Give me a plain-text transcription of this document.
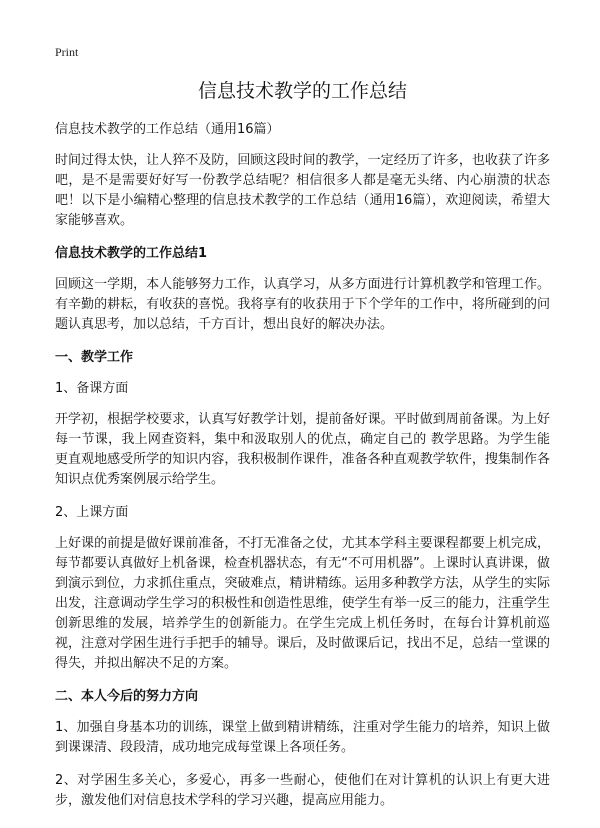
Print
信息技术教学的工作总结

信息技术教学的工作总结（通用16篇）

时间过得太快，让人猝不及防，回顾这段时间的教学，一定经历了许多，也收获了许多吧，是不是需要好好写一份教学总结呢？相信很多人都是毫无头绪、内心崩溃的状态吧！以下是小编精心整理的信息技术教学的工作总结（通用16篇），欢迎阅读，希望大家能够喜欢。

信息技术教学的工作总结1

回顾这一学期，本人能够努力工作，认真学习，从多方面进行计算机教学和管理工作。有辛勤的耕耘，有收获的喜悦。我将享有的收获用于下个学年的工作中，将所碰到的问题认真思考，加以总结，千方百计，想出良好的解决办法。

一、教学工作

1、备课方面

开学初，根据学校要求，认真写好教学计划，提前备好课。平时做到周前备课。为上好每一节课，我上网查资料，集中和汲取别人的优点，确定自己的 教学思路。为学生能更直观地感受所学的知识内容，我积极制作课件，准备各种直观教学软件，搜集制作各知识点优秀案例展示给学生。

2、上课方面

上好课的前提是做好课前准备，不打无准备之仗，尤其本学科主要课程都要上机完成，每节都要认真做好上机备课，检查机器状态，有无“不可用机器”。上课时认真讲课，做到演示到位，力求抓住重点，突破难点，精讲精练。运用多种教学方法，从学生的实际出发，注意调动学生学习的积极性和创造性思维，使学生有举一反三的能力，注重学生创新思维的发展，培养学生的创新能力。在学生完成上机任务时，在每台计算机前巡视，注意对学困生进行手把手的辅导。课后，及时做课后记，找出不足，总结一堂课的得失，并拟出解决不足的方案。

二、本人今后的努力方向

1、加强自身基本功的训练，课堂上做到精讲精练，注重对学生能力的培养，知识上做到课课清、段段清，成功地完成每堂课上各项任务。

2、对学困生多关心，多爱心，再多一些耐心，使他们在对计算机的认识上有更大进步，激发他们对信息技术学科的学习兴趣，提高应用能力。
